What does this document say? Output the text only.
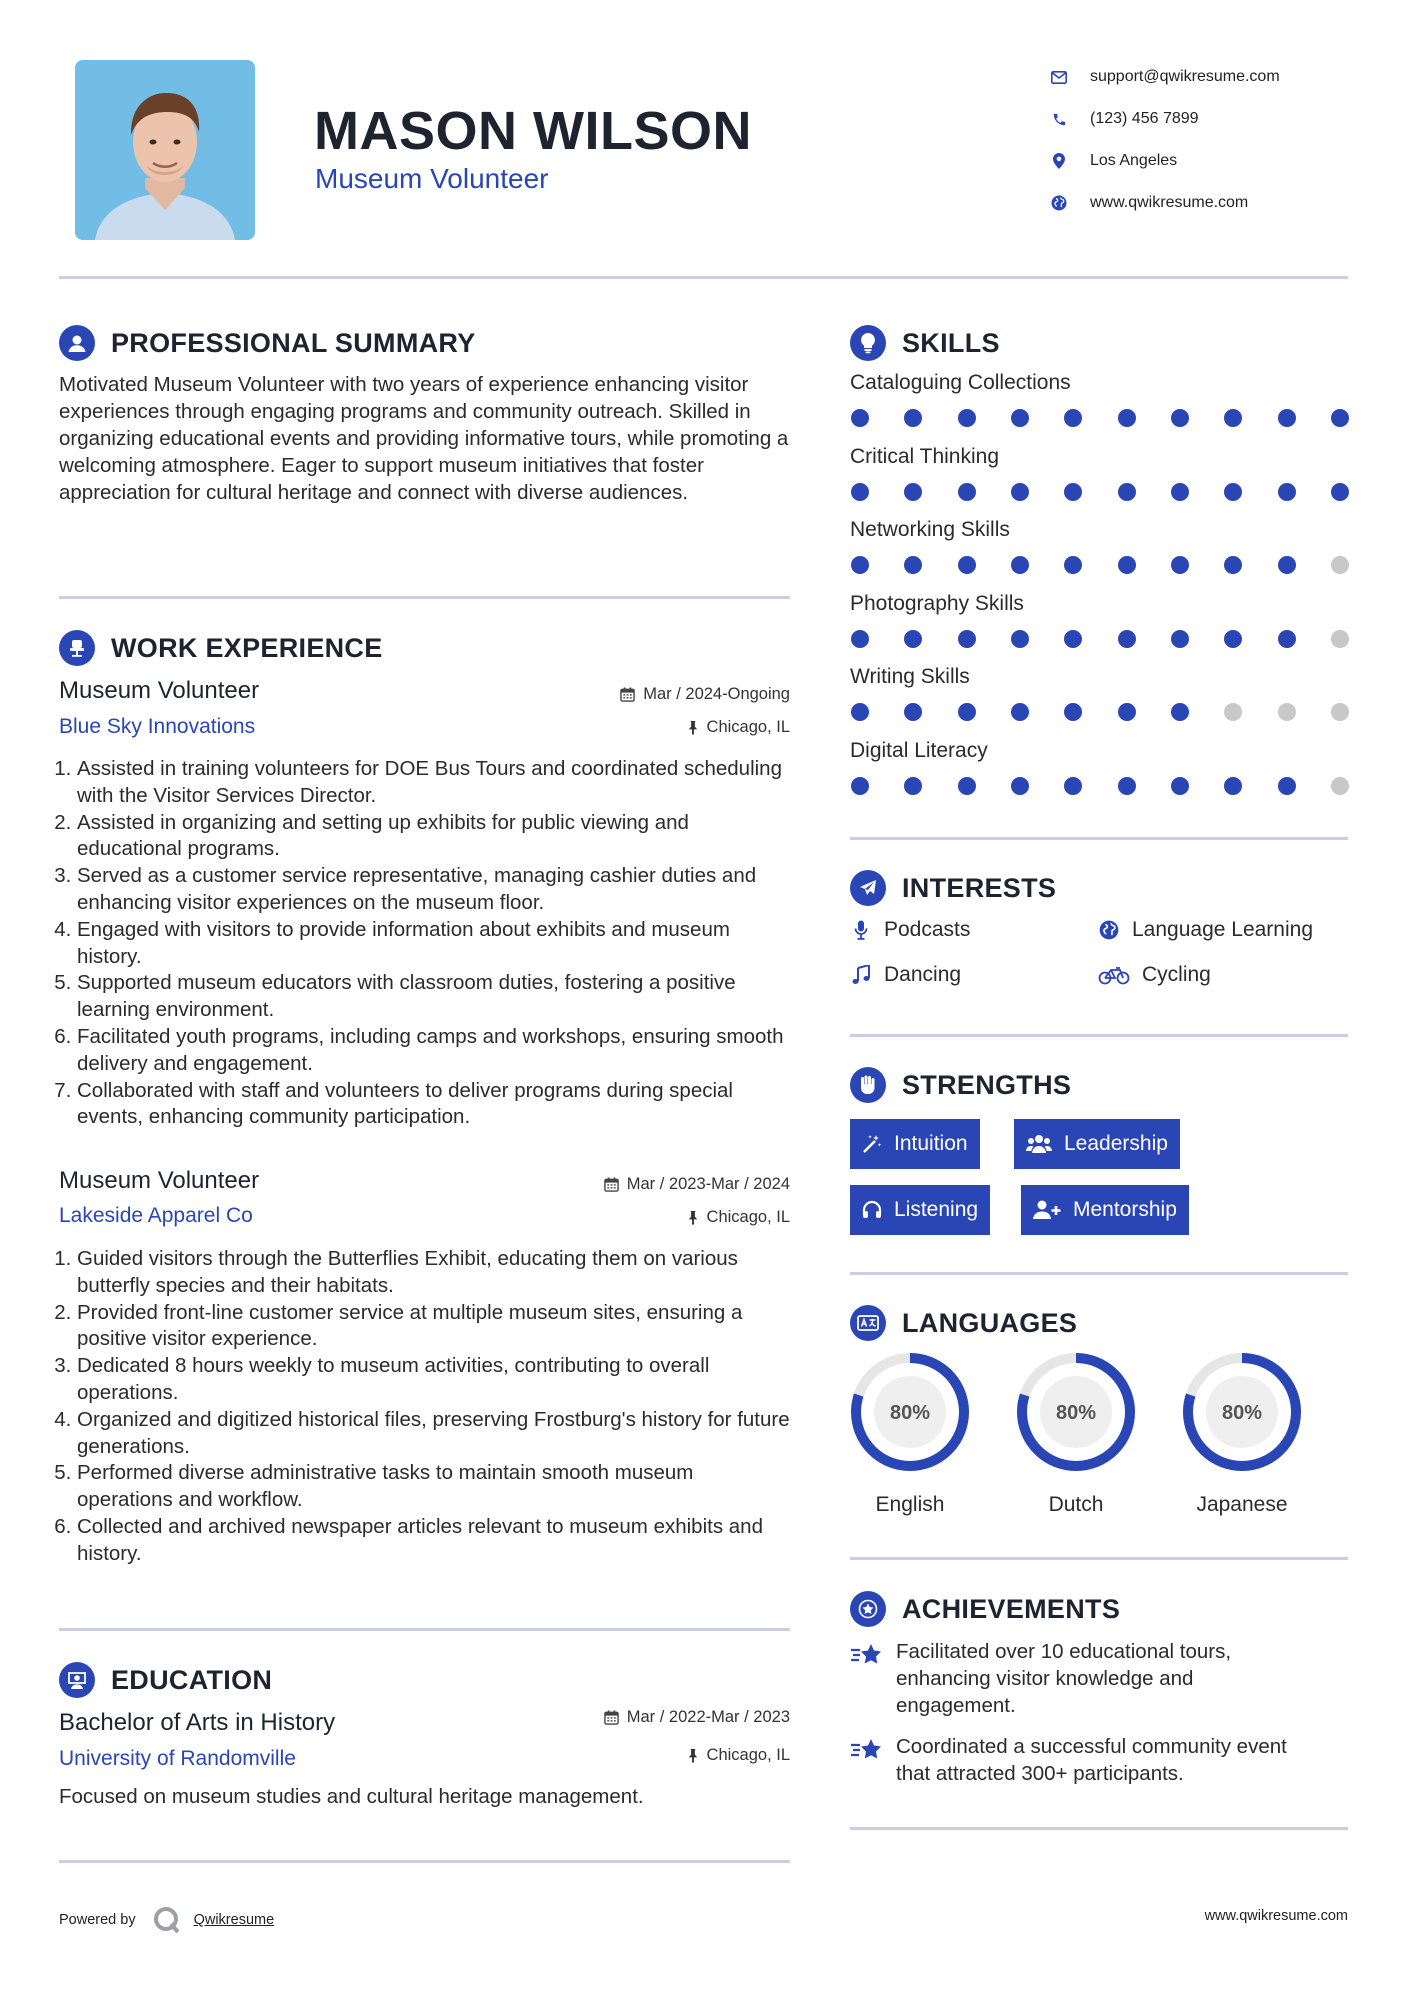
MASON WILSON
Museum Volunteer
support@qwikresume.com
(123) 456 7899
Los Angeles
www.qwikresume.com
PROFESSIONAL SUMMARY
Motivated Museum Volunteer with two years of experience enhancing visitor experiences through engaging programs and community outreach. Skilled in organizing educational events and providing informative tours, while promoting a welcoming atmosphere. Eager to support museum initiatives that foster appreciation for cultural heritage and connect with diverse audiences.
WORK EXPERIENCE
Museum Volunteer
Blue Sky Innovations
Mar / 2024-Ongoing
Chicago, IL
1. Assisted in training volunteers for DOE Bus Tours and coordinated scheduling with the Visitor Services Director.
2. Assisted in organizing and setting up exhibits for public viewing and educational programs.
3. Served as a customer service representative, managing cashier duties and enhancing visitor experiences on the museum floor.
4. Engaged with visitors to provide information about exhibits and museum history.
5. Supported museum educators with classroom duties, fostering a positive learning environment.
6. Facilitated youth programs, including camps and workshops, ensuring smooth delivery and engagement.
7. Collaborated with staff and volunteers to deliver programs during special events, enhancing community participation.
Museum Volunteer
Lakeside Apparel Co
Mar / 2023-Mar / 2024
Chicago, IL
1. Guided visitors through the Butterflies Exhibit, educating them on various butterfly species and their habitats.
2. Provided front-line customer service at multiple museum sites, ensuring a positive visitor experience.
3. Dedicated 8 hours weekly to museum activities, contributing to overall operations.
4. Organized and digitized historical files, preserving Frostburg's history for future generations.
5. Performed diverse administrative tasks to maintain smooth museum operations and workflow.
6. Collected and archived newspaper articles relevant to museum exhibits and history.
EDUCATION
Bachelor of Arts in History
University of Randomville
Mar / 2022-Mar / 2023
Chicago, IL
Focused on museum studies and cultural heritage management.
SKILLS
Cataloguing Collections
Critical Thinking
Networking Skills
Photography Skills
Writing Skills
Digital Literacy
INTERESTS
Podcasts	Language Learning
Dancing	Cycling
STRENGTHS
Intuition	Leadership
Listening	Mentorship
LANGUAGES
80%
English
80%
Dutch
80%
Japanese
ACHIEVEMENTS
Facilitated over 10 educational tours, enhancing visitor knowledge and engagement.
Coordinated a successful community event that attracted 300+ participants.
Powered by	Qwikresume	www.qwikresume.com
